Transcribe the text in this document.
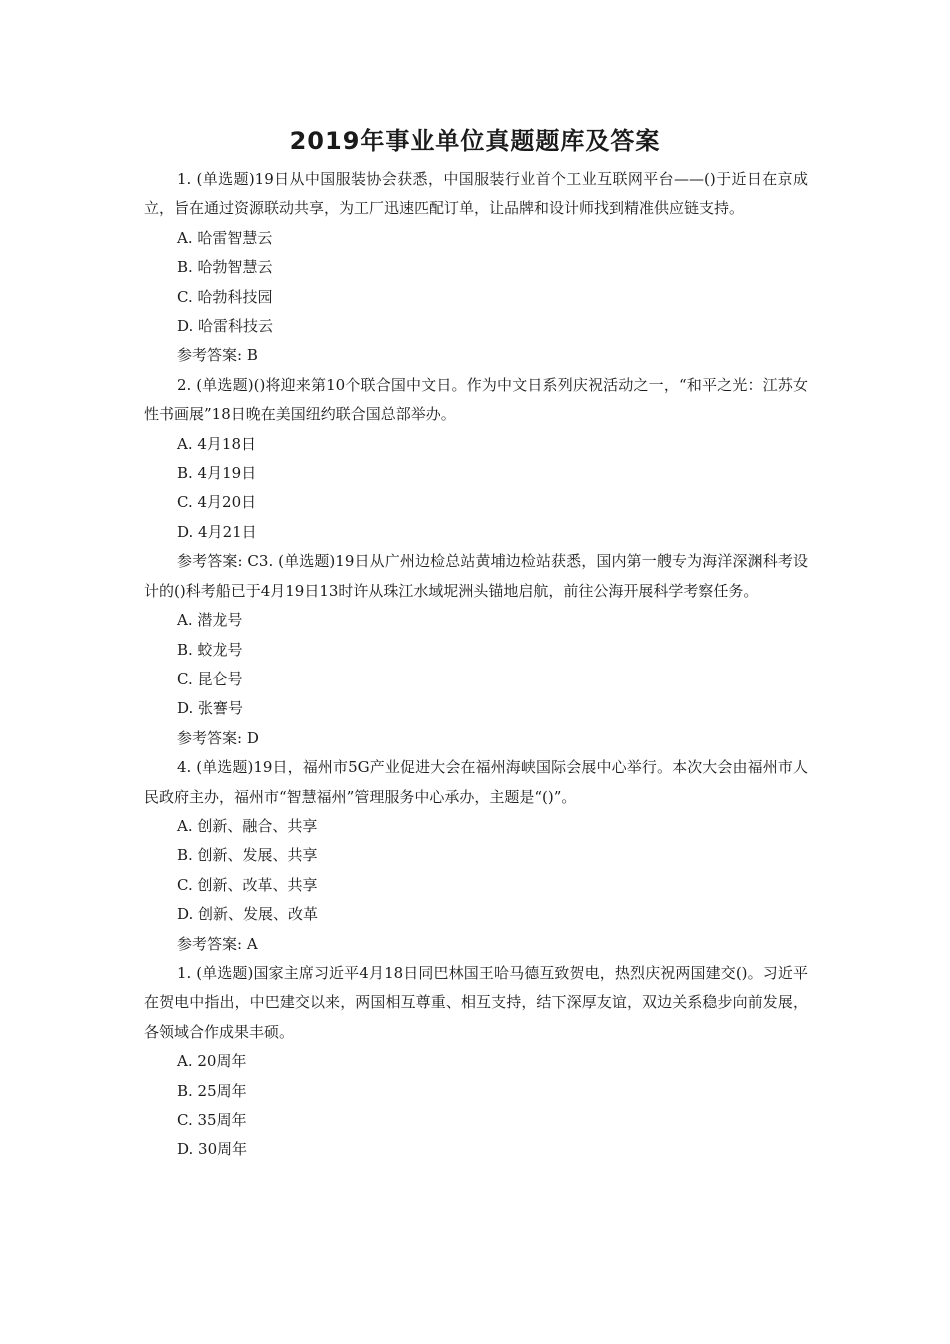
2019年事业单位真题题库及答案

1. (单选题)19日从中国服装协会获悉，中国服装行业首个工业互联网平台——()于近日在京成立，旨在通过资源联动共享，为工厂迅速匹配订单，让品牌和设计师找到精准供应链支持。

A. 哈雷智慧云

B. 哈勃智慧云

C. 哈勃科技园

D. 哈雷科技云

参考答案: B

2. (单选题)()将迎来第10个联合国中文日。作为中文日系列庆祝活动之一，“和平之光：江苏女性书画展”18日晚在美国纽约联合国总部举办。

A. 4月18日

B. 4月19日

C. 4月20日

D. 4月21日

参考答案: C3. (单选题)19日从广州边检总站黄埔边检站获悉，国内第一艘专为海洋深渊科考设计的()科考船已于4月19日13时许从珠江水域坭洲头锚地启航，前往公海开展科学考察任务。

A. 潜龙号

B. 蛟龙号

C. 昆仑号

D. 张謇号

参考答案: D

4. (单选题)19日，福州市5G产业促进大会在福州海峡国际会展中心举行。本次大会由福州市人民政府主办，福州市“智慧福州”管理服务中心承办，主题是“()”。

A. 创新、融合、共享

B. 创新、发展、共享

C. 创新、改革、共享

D. 创新、发展、改革

参考答案: A

1. (单选题)国家主席习近平4月18日同巴林国王哈马德互致贺电，热烈庆祝两国建交()。习近平在贺电中指出，中巴建交以来，两国相互尊重、相互支持，结下深厚友谊，双边关系稳步向前发展，各领域合作成果丰硕。

A. 20周年

B. 25周年

C. 35周年

D. 30周年
